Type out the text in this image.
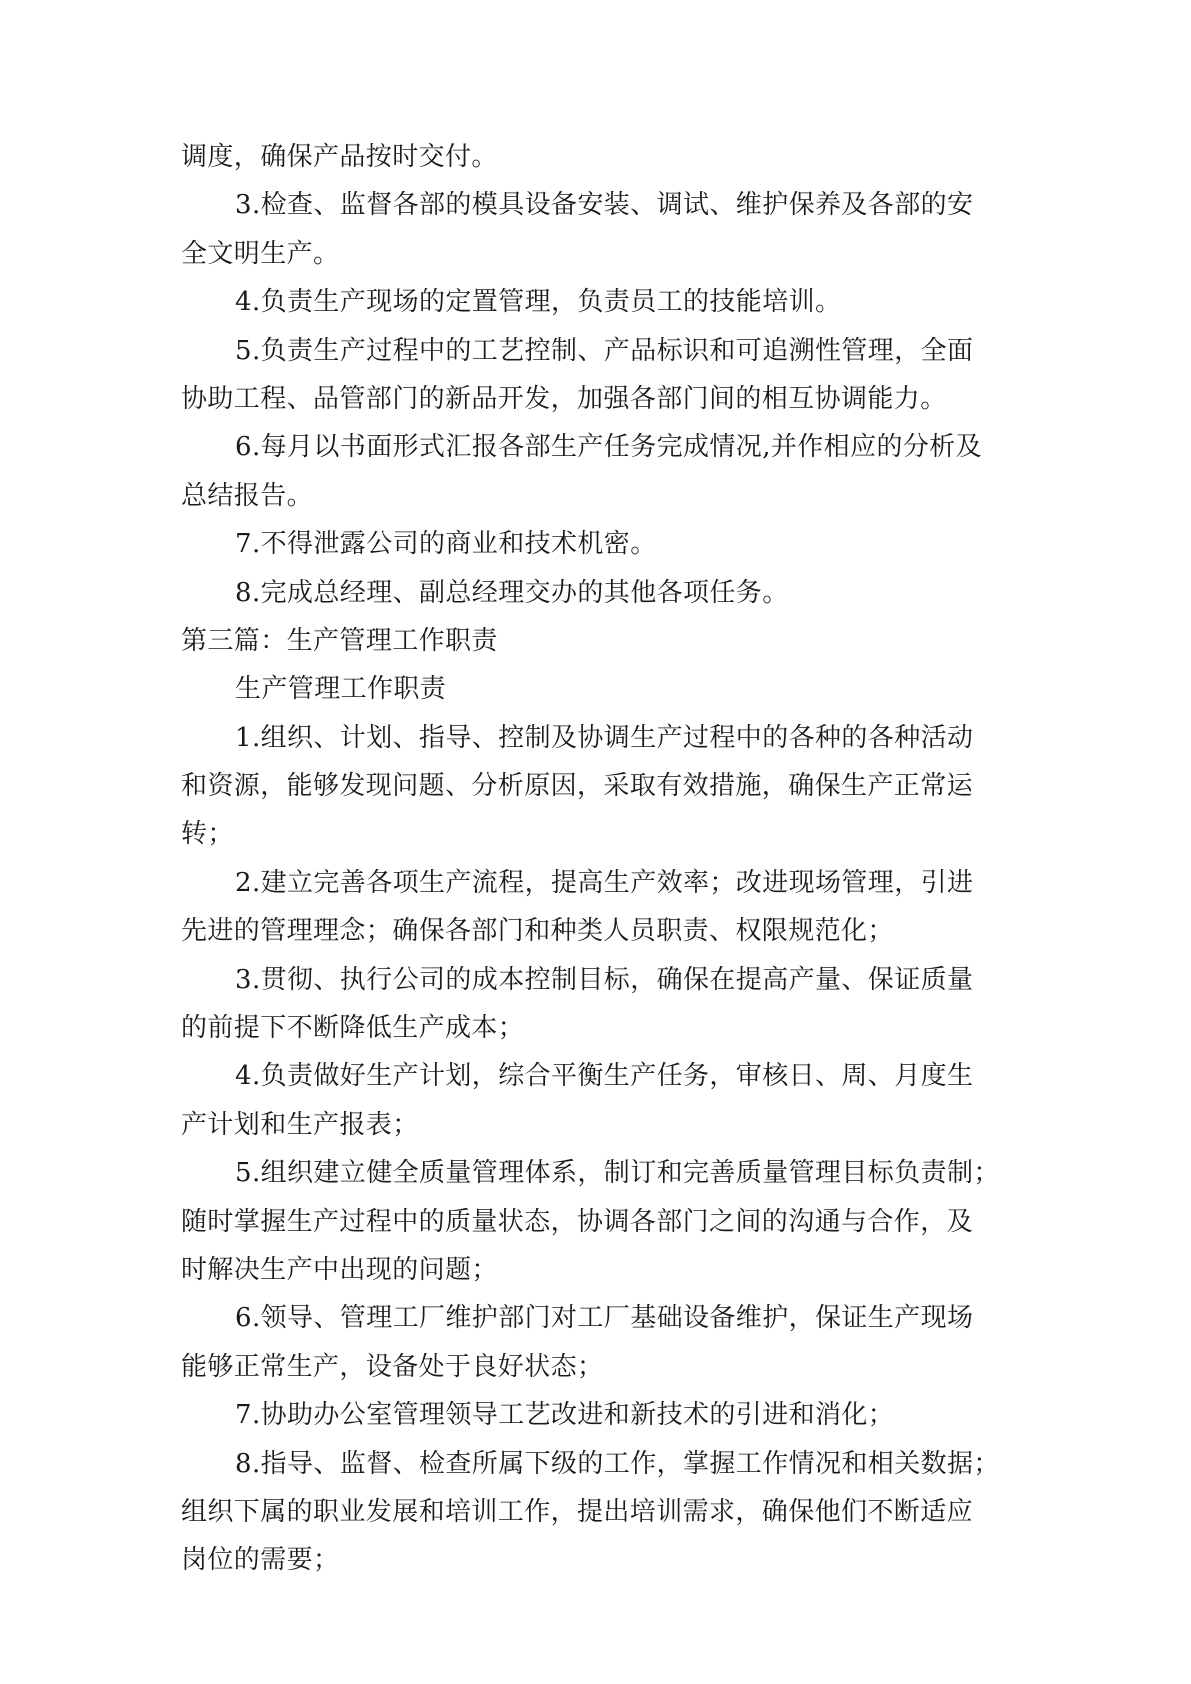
调度，确保产品按时交付。

3.检查、监督各部的模具设备安装、调试、维护保养及各部的安

全文明生产。

4.负责生产现场的定置管理，负责员工的技能培训。

5.负责生产过程中的工艺控制、产品标识和可追溯性管理，全面

协助工程、品管部门的新品开发，加强各部门间的相互协调能力。

6.每月以书面形式汇报各部生产任务完成情况,并作相应的分析及

总结报告。

7.不得泄露公司的商业和技术机密。

8.完成总经理、副总经理交办的其他各项任务。

第三篇：生产管理工作职责

生产管理工作职责

1.组织、计划、指导、控制及协调生产过程中的各种的各种活动

和资源，能够发现问题、分析原因，采取有效措施，确保生产正常运

转；

2.建立完善各项生产流程，提高生产效率；改进现场管理，引进

先进的管理理念；确保各部门和种类人员职责、权限规范化；

3.贯彻、执行公司的成本控制目标，确保在提高产量、保证质量

的前提下不断降低生产成本；

4.负责做好生产计划，综合平衡生产任务，审核日、周、月度生

产计划和生产报表；

5.组织建立健全质量管理体系，制订和完善质量管理目标负责制；

随时掌握生产过程中的质量状态，协调各部门之间的沟通与合作，及

时解决生产中出现的问题；

6.领导、管理工厂维护部门对工厂基础设备维护，保证生产现场

能够正常生产，设备处于良好状态；

7.协助办公室管理领导工艺改进和新技术的引进和消化；

8.指导、监督、检查所属下级的工作，掌握工作情况和相关数据；

组织下属的职业发展和培训工作，提出培训需求，确保他们不断适应

岗位的需要；
